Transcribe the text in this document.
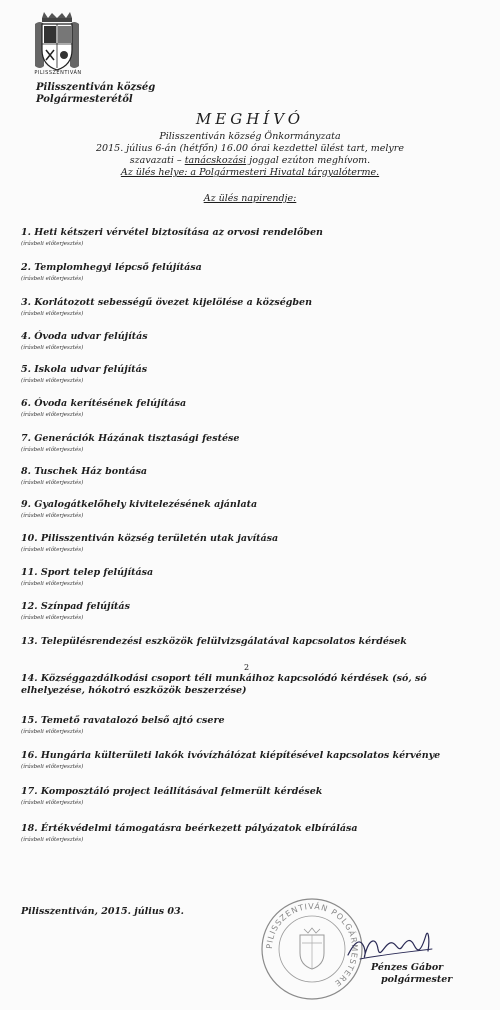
PILISSZENTIVÁN
Pilisszentiván község
Polgármesterétől
MEGHÍVÓ
Pilisszentiván község Önkormányzata
2015. július 6-án (hétfőn) 16.00 órai kezdettel ülést tart, melyre
szavazati – tanácskozási joggal ezúton meghívom.
Az ülés helye: a Polgármesteri Hivatal tárgyalóterme.
Az ülés napirendje:
1. Heti kétszeri vérvétel biztosítása az orvosi rendelőben
(írásbeli előterjesztés)
2. Templomhegyi lépcső felújítása
(írásbeli előterjesztés)
3. Korlátozott sebességű övezet kijelölése a községben
(írásbeli előterjesztés)
4. Óvoda udvar felújítás
(írásbeli előterjesztés)
5. Iskola udvar felújítás
(írásbeli előterjesztés)
6. Óvoda kerítésének felújítása
(írásbeli előterjesztés)
7. Generációk Házának tisztasági festése
(írásbeli előterjesztés)
8. Tuschek Ház bontása
(írásbeli előterjesztés)
9. Gyalogátkelőhely kivitelezésének ajánlata
(írásbeli előterjesztés)
10. Pilisszentiván község területén utak javítása
(írásbeli előterjesztés)
11. Sport telep felújítása
(írásbeli előterjesztés)
12. Színpad felújítás
(írásbeli előterjesztés)
13. Településrendezési eszközök felülvizsgálatával kapcsolatos kérdések
2
14. Községgazdálkodási csoport téli munkáihoz kapcsolódó kérdések (só, só elhelyezése, hókotró eszközök beszerzése)
15. Temető ravatalozó belső ajtó csere
(írásbeli előterjesztés)
16. Hungária külterületi lakók ivóvízhálózat kiépítésével kapcsolatos kérvénye
(írásbeli előterjesztés)
17. Komposztáló project leállításával felmerült kérdések
(írásbeli előterjesztés)
18. Értékvédelmi támogatásra beérkezett pályázatok elbírálása
(írásbeli előterjesztés)
Pilisszentiván, 2015. július 03.
PILISSZENTIVÁN POLGÁRMESTERE
Pénzes Gábor
polgármester
